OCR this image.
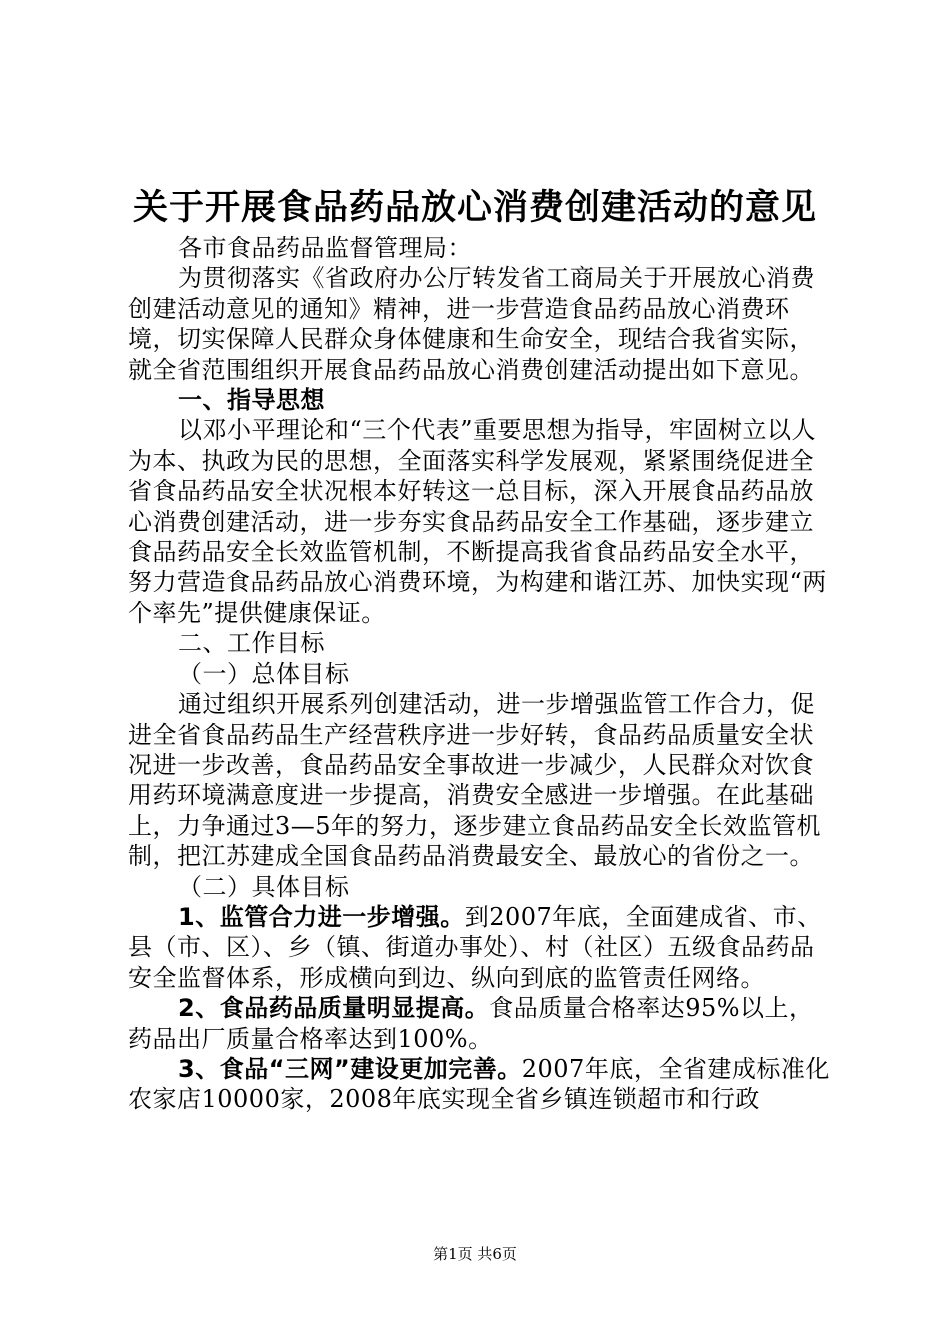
关于开展食品药品放心消费创建活动的意见

各市食品药品监督管理局：

为贯彻落实《省政府办公厅转发省工商局关于开展放心消费创建活动意见的通知》精神，进一步营造食品药品放心消费环境，切实保障人民群众身体健康和生命安全，现结合我省实际，就全省范围组织开展食品药品放心消费创建活动提出如下意见。

一、指导思想

以邓小平理论和“三个代表”重要思想为指导，牢固树立以人为本、执政为民的思想，全面落实科学发展观，紧紧围绕促进全省食品药品安全状况根本好转这一总目标，深入开展食品药品放心消费创建活动，进一步夯实食品药品安全工作基础，逐步建立食品药品安全长效监管机制，不断提高我省食品药品安全水平，努力营造食品药品放心消费环境，为构建和谐江苏、加快实现“两个率先”提供健康保证。

二、工作目标

（一）总体目标

通过组织开展系列创建活动，进一步增强监管工作合力，促进全省食品药品生产经营秩序进一步好转，食品药品质量安全状况进一步改善，食品药品安全事故进一步减少，人民群众对饮食用药环境满意度进一步提高，消费安全感进一步增强。在此基础上，力争通过3—5年的努力，逐步建立食品药品安全长效监管机制，把江苏建成全国食品药品消费最安全、最放心的省份之一。

（二）具体目标

1、监管合力进一步增强。到2007年底，全面建成省、市、县（市、区）、乡（镇、街道办事处）、村（社区）五级食品药品安全监督体系，形成横向到边、纵向到底的监管责任网络。

2、食品药品质量明显提高。食品质量合格率达95%以上，药品出厂质量合格率达到100%。

3、食品“三网”建设更加完善。2007年底，全省建成标准化农家店10000家，2008年底实现全省乡镇连锁超市和行政

第1页 共6页
